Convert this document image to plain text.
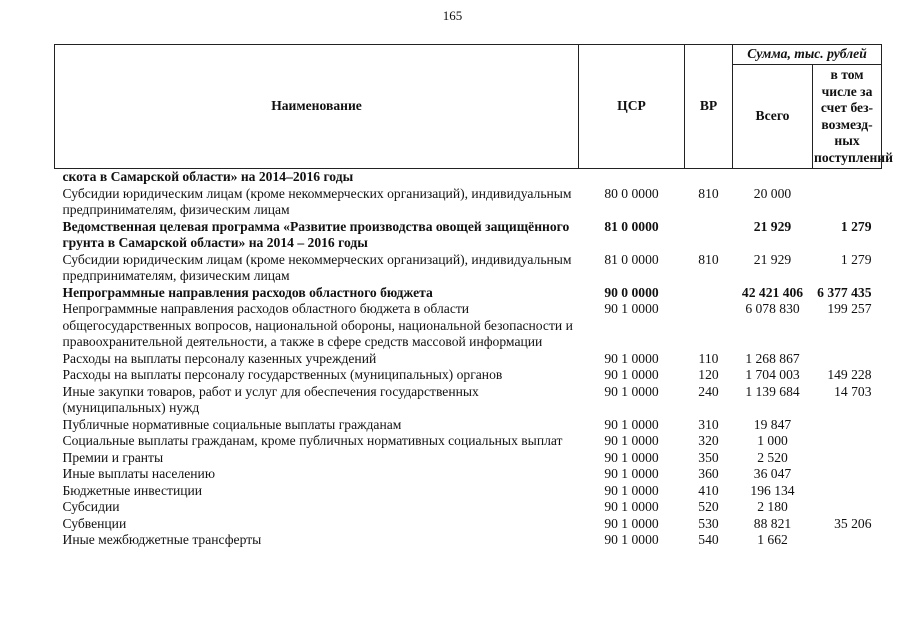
165
Наименование	ЦСР	ВР	Сумма, тыс. рублей	
			Всего	в том числе за счет без-возмезд-ных поступлений
скота в Самарской области» на 2014–2016 годы				
Субсидии юридическим лицам (кроме некоммерческих организаций), индивидуальным предпринимателям, физическим лицам	80 0 0000	810	20 000	
Ведомственная целевая программа «Развитие производства овощей защищённого грунта в Самарской области» на 2014 – 2016 годы	81 0 0000		21 929	1 279
Субсидии юридическим лицам (кроме некоммерческих организаций), индивидуальным предпринимателям, физическим лицам	81 0 0000	810	21 929	1 279
Непрограммные направления расходов областного бюджета	90 0 0000		42 421 406	6 377 435
Непрограммные направления расходов областного бюджета в области общегосударственных вопросов, национальной обороны, национальной безопасности и правоохранительной деятельности, а также в сфере средств массовой информации	90 1 0000		6 078 830	199 257
Расходы на выплаты персоналу казенных учреждений	90 1 0000	110	1 268 867	
Расходы на выплаты персоналу государственных (муниципальных) органов	90 1 0000	120	1 704 003	149 228
Иные закупки товаров, работ и услуг для обеспечения государственных (муниципальных) нужд	90 1 0000	240	1 139 684	14 703
Публичные нормативные социальные выплаты гражданам	90 1 0000	310	19 847	
Социальные выплаты гражданам, кроме публичных нормативных социальных выплат	90 1 0000	320	1 000	
Премии и гранты	90 1 0000	350	2 520	
Иные выплаты населению	90 1 0000	360	36 047	
Бюджетные инвестиции	90 1 0000	410	196 134	
Субсидии	90 1 0000	520	2 180	
Субвенции	90 1 0000	530	88 821	35 206
Иные межбюджетные трансферты	90 1 0000	540	1 662	
